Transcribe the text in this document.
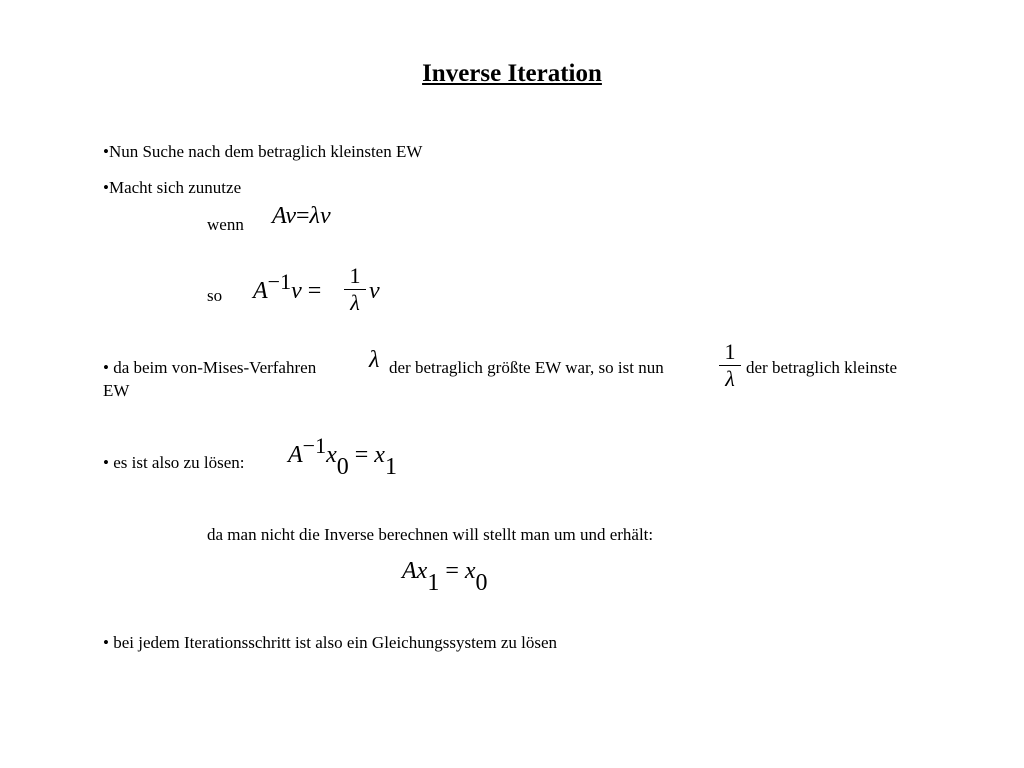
Inverse Iteration
•Nun Suche nach dem betraglich kleinsten EW
•Macht sich zunutze
wenn Av=λv
so A−1v =
1
λ v
• da beim von-Mises-Verfahren λ der betraglich größte EW war, so ist nun
1
λ der betraglich kleinste
EW
• es ist also zu lösen: A−1x0 = x1
da man nicht die Inverse berechnen will stellt man um und erhält:
Ax1 = x0
• bei jedem Iterationsschritt ist also ein Gleichungssystem zu lösen
